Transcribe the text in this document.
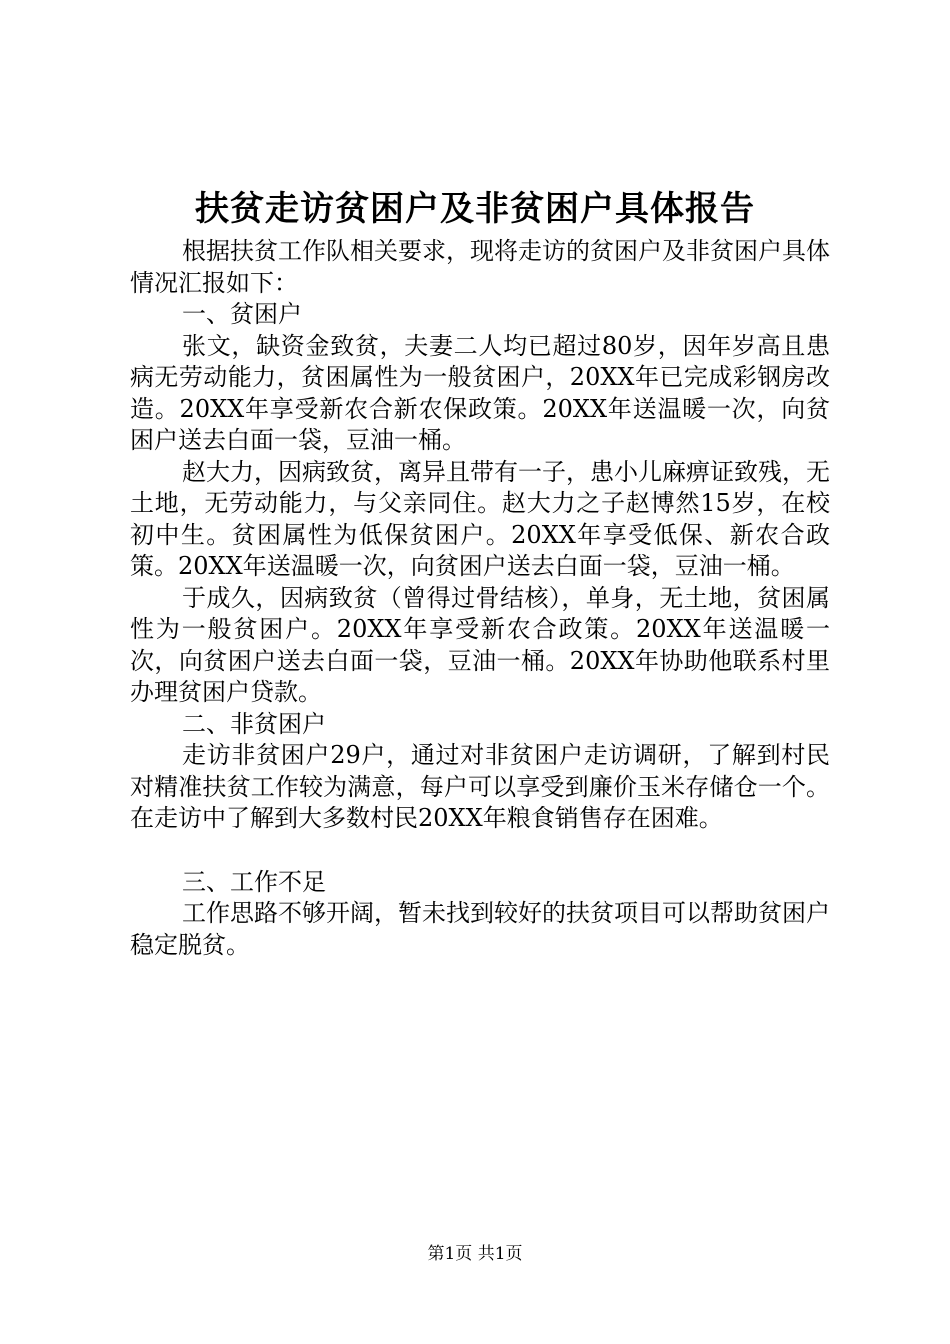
扶贫走访贫困户及非贫困户具体报告

根据扶贫工作队相关要求，现将走访的贫困户及非贫困户具体情况汇报如下：

一、贫困户

张文，缺资金致贫，夫妻二人均已超过80岁，因年岁高且患病无劳动能力，贫困属性为一般贫困户，20XX年已完成彩钢房改造。20XX年享受新农合新农保政策。20XX年送温暖一次，向贫困户送去白面一袋，豆油一桶。

赵大力，因病致贫，离异且带有一子，患小儿麻痹证致残，无土地，无劳动能力，与父亲同住。赵大力之子赵博然15岁，在校初中生。贫困属性为低保贫困户。20XX年享受低保、新农合政策。20XX年送温暖一次，向贫困户送去白面一袋，豆油一桶。

于成久，因病致贫（曾得过骨结核），单身，无土地，贫困属性为一般贫困户。20XX年享受新农合政策。20XX年送温暖一次，向贫困户送去白面一袋，豆油一桶。20XX年协助他联系村里办理贫困户贷款。

二、非贫困户

走访非贫困户29户，通过对非贫困户走访调研，了解到村民对精准扶贫工作较为满意，每户可以享受到廉价玉米存储仓一个。在走访中了解到大多数村民20XX年粮食销售存在困难。

三、工作不足

工作思路不够开阔，暂未找到较好的扶贫项目可以帮助贫困户稳定脱贫。

第1页 共1页
